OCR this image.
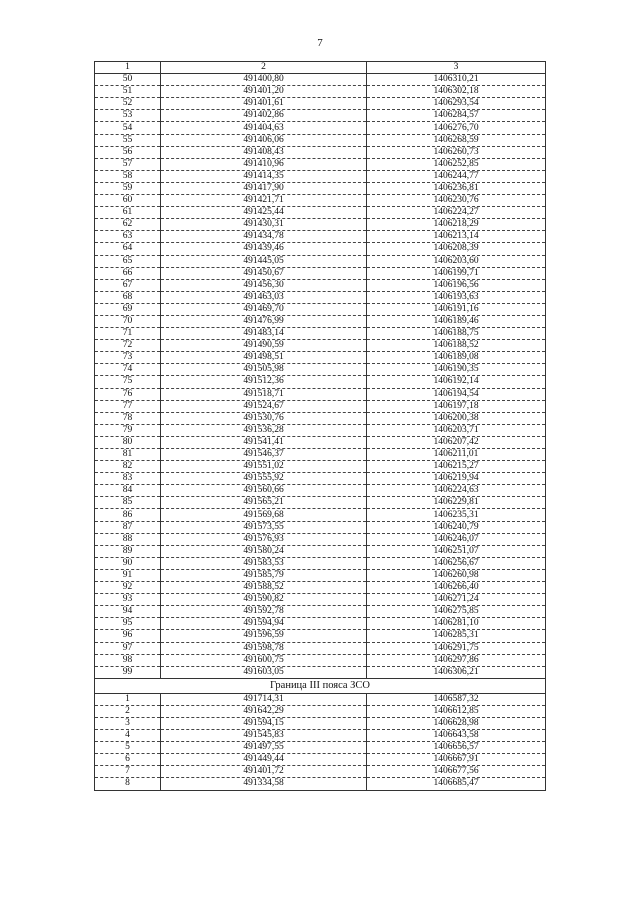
7
1	2	3
50	491400,80	1406310,21
51	491401,20	1406302,18
52	491401,61	1406293,54
53	491402,86	1406284,57
54	491404,63	1406276,70
55	491406,06	1406268,59
56	491408,43	1406260,73
57	491410,96	1406252,85
58	491414,35	1406244,77
59	491417,90	1406236,81
60	491421,71	1406230,76
61	491425,44	1406224,27
62	491430,31	1406218,29
63	491434,78	1406213,14
64	491439,46	1406208,39
65	491445,05	1406203,60
66	491450,67	1406199,71
67	491456,30	1406196,56
68	491463,03	1406193,63
69	491469,70	1406191,16
70	491476,99	1406189,46
71	491483,14	1406188,75
72	491490,59	1406188,52
73	491498,51	1406189,08
74	491505,98	1406190,35
75	491512,36	1406192,14
76	491518,71	1406194,54
77	491524,67	1406197,18
78	491530,76	1406200,38
79	491536,28	1406203,71
80	491541,41	1406207,42
81	491546,37	1406211,01
82	491551,02	1406215,27
83	491555,92	1406219,94
84	491560,66	1406224,63
85	491565,21	1406229,81
86	491569,68	1406235,31
87	491573,55	1406240,79
88	491576,93	1406246,07
89	491580,24	1406251,07
90	491583,53	1406256,67
91	491585,79	1406260,98
92	491588,52	1406266,40
93	491590,82	1406271,24
94	491592,78	1406275,85
95	491594,94	1406281,10
96	491596,59	1406285,31
97	491598,78	1406291,75
98	491600,75	1406297,86
99	491603,05	1406306,21
Граница III пояса ЗСО		
1	491714,31	1406587,32
2	491642,29	1406612,85
3	491594,15	1406628,98
4	491545,83	1406643,58
5	491497,55	1406656,57
6	491449,44	1406667,91
7	491401,72	1406677,56
8	491334,58	1406685,47
